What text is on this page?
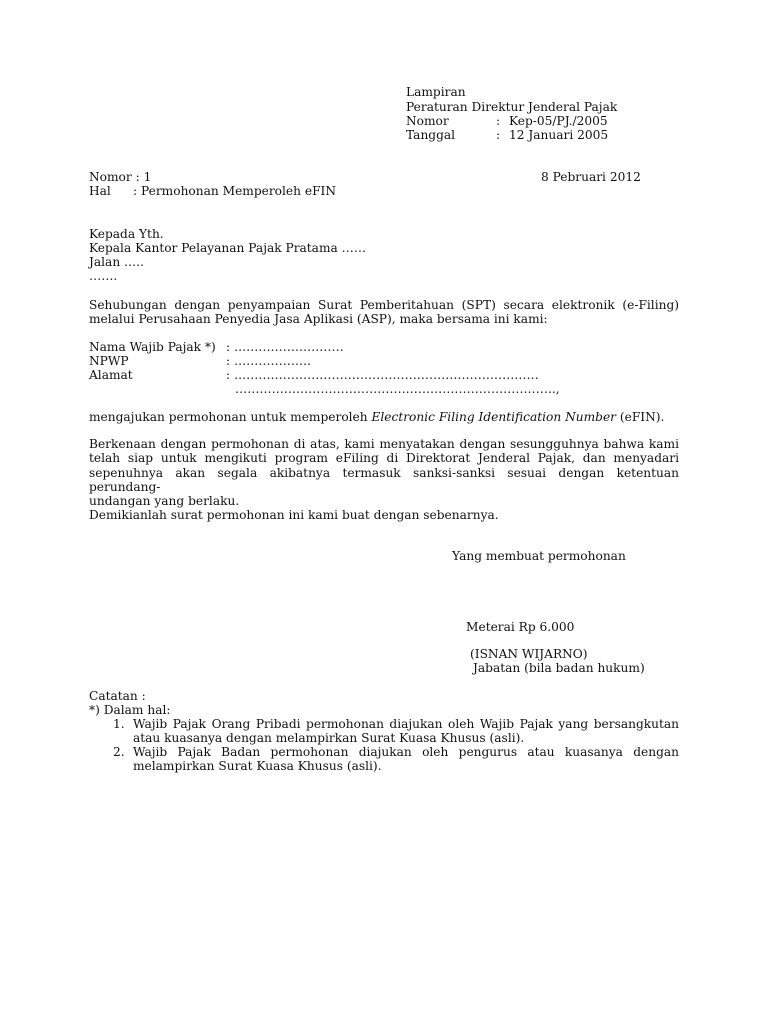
Lampiran
Peraturan Direktur Jenderal Pajak
Nomor	: Kep-05/PJ./2005
Tanggal	: 12 Januari 2005
Nomor : 1	8 Pebruari 2012
Hal : Permohonan Memperoleh eFIN
Kepada Yth.
Kepala Kantor Pelayanan Pajak Pratama ……
Jalan …..
…….
Sehubungan dengan penyampaian Surat Pemberitahuan (SPT) secara elektronik (e-Filing)
melalui Perusahaan Penyedia Jasa Aplikasi (ASP), maka bersama ini kami:
Nama Wajib Pajak *) : ………………………
NPWP	: ……………….
Alamat	: …………………………………………………………………
…………………………………………………………………….,
mengajukan permohonan untuk memperoleh Electronic Filing Identification Number (eFIN).
Berkenaan dengan permohonan di atas, kami menyatakan dengan sesungguhnya bahwa kami
telah siap untuk mengikuti program eFiling di Direktorat Jenderal Pajak, dan menyadari
sepenuhnya akan segala akibatnya termasuk sanksi-sanksi sesuai dengan ketentuan perundang-
undangan yang berlaku.
Demikianlah surat permohonan ini kami buat dengan sebenarnya.
Yang membuat permohonan
Meterai Rp 6.000
(ISNAN WIJARNO)
Jabatan (bila badan hukum)
Catatan :
*) Dalam hal:
1. Wajib Pajak Orang Pribadi permohonan diajukan oleh Wajib Pajak yang bersangkutan
atau kuasanya dengan melampirkan Surat Kuasa Khusus (asli).
2. Wajib Pajak Badan permohonan diajukan oleh pengurus atau kuasanya dengan
melampirkan Surat Kuasa Khusus (asli).
